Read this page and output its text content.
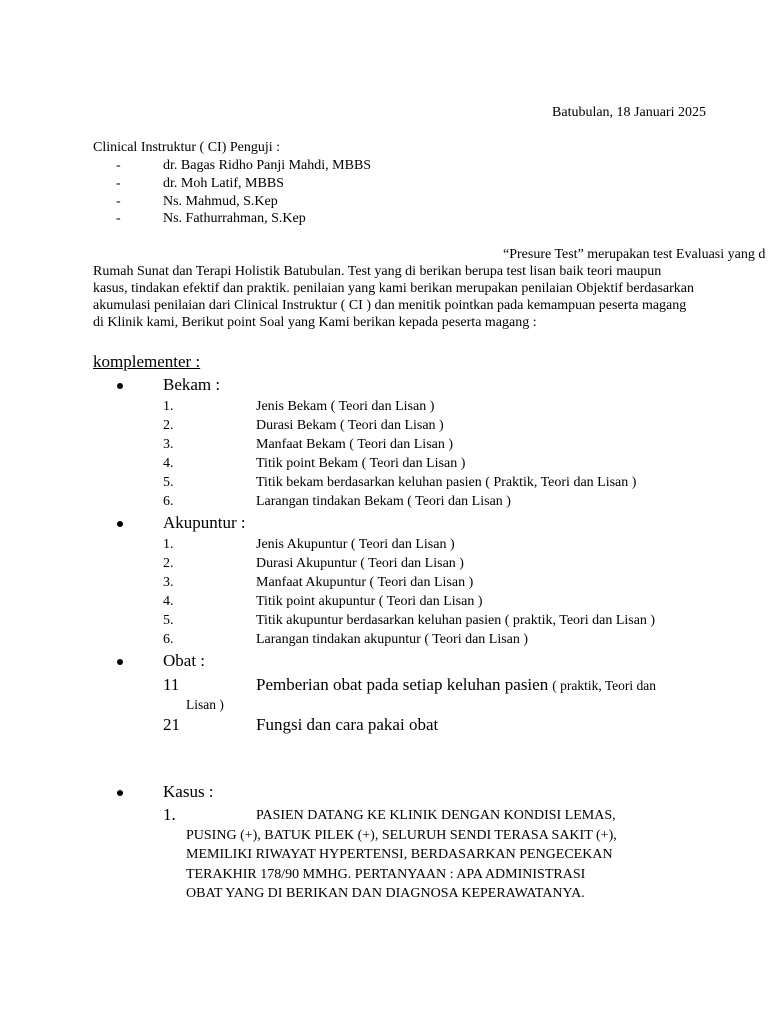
Batubulan, 18 Januari 2025
Clinical Instruktur ( CI) Penguji :
-	dr. Bagas Ridho Panji Mahdi, MBBS
-	dr. Moh Latif, MBBS
-	Ns. Mahmud, S.Kep
-	Ns. Fathurrahman, S.Kep
“Presure Test” merupakan test Evaluasi yang d
Rumah Sunat dan Terapi Holistik Batubulan. Test yang di berikan berupa test lisan baik teori maupun
kasus, tindakan efektif dan praktik. penilaian yang kami berikan merupakan penilaian Objektif berdasarkan
akumulasi penilaian dari Clinical Instruktur ( CI ) dan menitik pointkan pada kemampuan peserta magang
di Klinik kami, Berikut point Soal yang Kami berikan kepada peserta magang :
komplementer :
Bekam :
1.	Jenis Bekam ( Teori dan Lisan )
2.	Durasi Bekam ( Teori dan Lisan )
3.	Manfaat Bekam ( Teori dan Lisan )
4.	Titik point Bekam ( Teori dan Lisan )
5.	Titik bekam berdasarkan keluhan pasien ( Praktik, Teori dan Lisan )
6.	Larangan tindakan Bekam ( Teori dan Lisan )
Akupuntur :
1.	Jenis Akupuntur ( Teori dan Lisan )
2.	Durasi Akupuntur ( Teori dan Lisan )
3.	Manfaat Akupuntur ( Teori dan Lisan )
4.	Titik point akupuntur ( Teori dan Lisan )
5.	Titik akupuntur berdasarkan keluhan pasien ( praktik, Teori dan Lisan )
6.	Larangan tindakan akupuntur ( Teori dan Lisan )
Obat :
11	Pemberian obat pada setiap keluhan pasien ( praktik, Teori dan
Lisan )
21	Fungsi dan cara pakai obat
Kasus :
1.	PASIEN DATANG KE KLINIK DENGAN KONDISI LEMAS,
PUSING (+), BATUK PILEK (+), SELURUH SENDI TERASA SAKIT (+),
MEMILIKI RIWAYAT HYPERTENSI, BERDASARKAN PENGECEKAN
TERAKHIR 178/90 MMHG. PERTANYAAN : APA ADMINISTRASI
OBAT YANG DI BERIKAN DAN DIAGNOSA KEPERAWATANYA.
